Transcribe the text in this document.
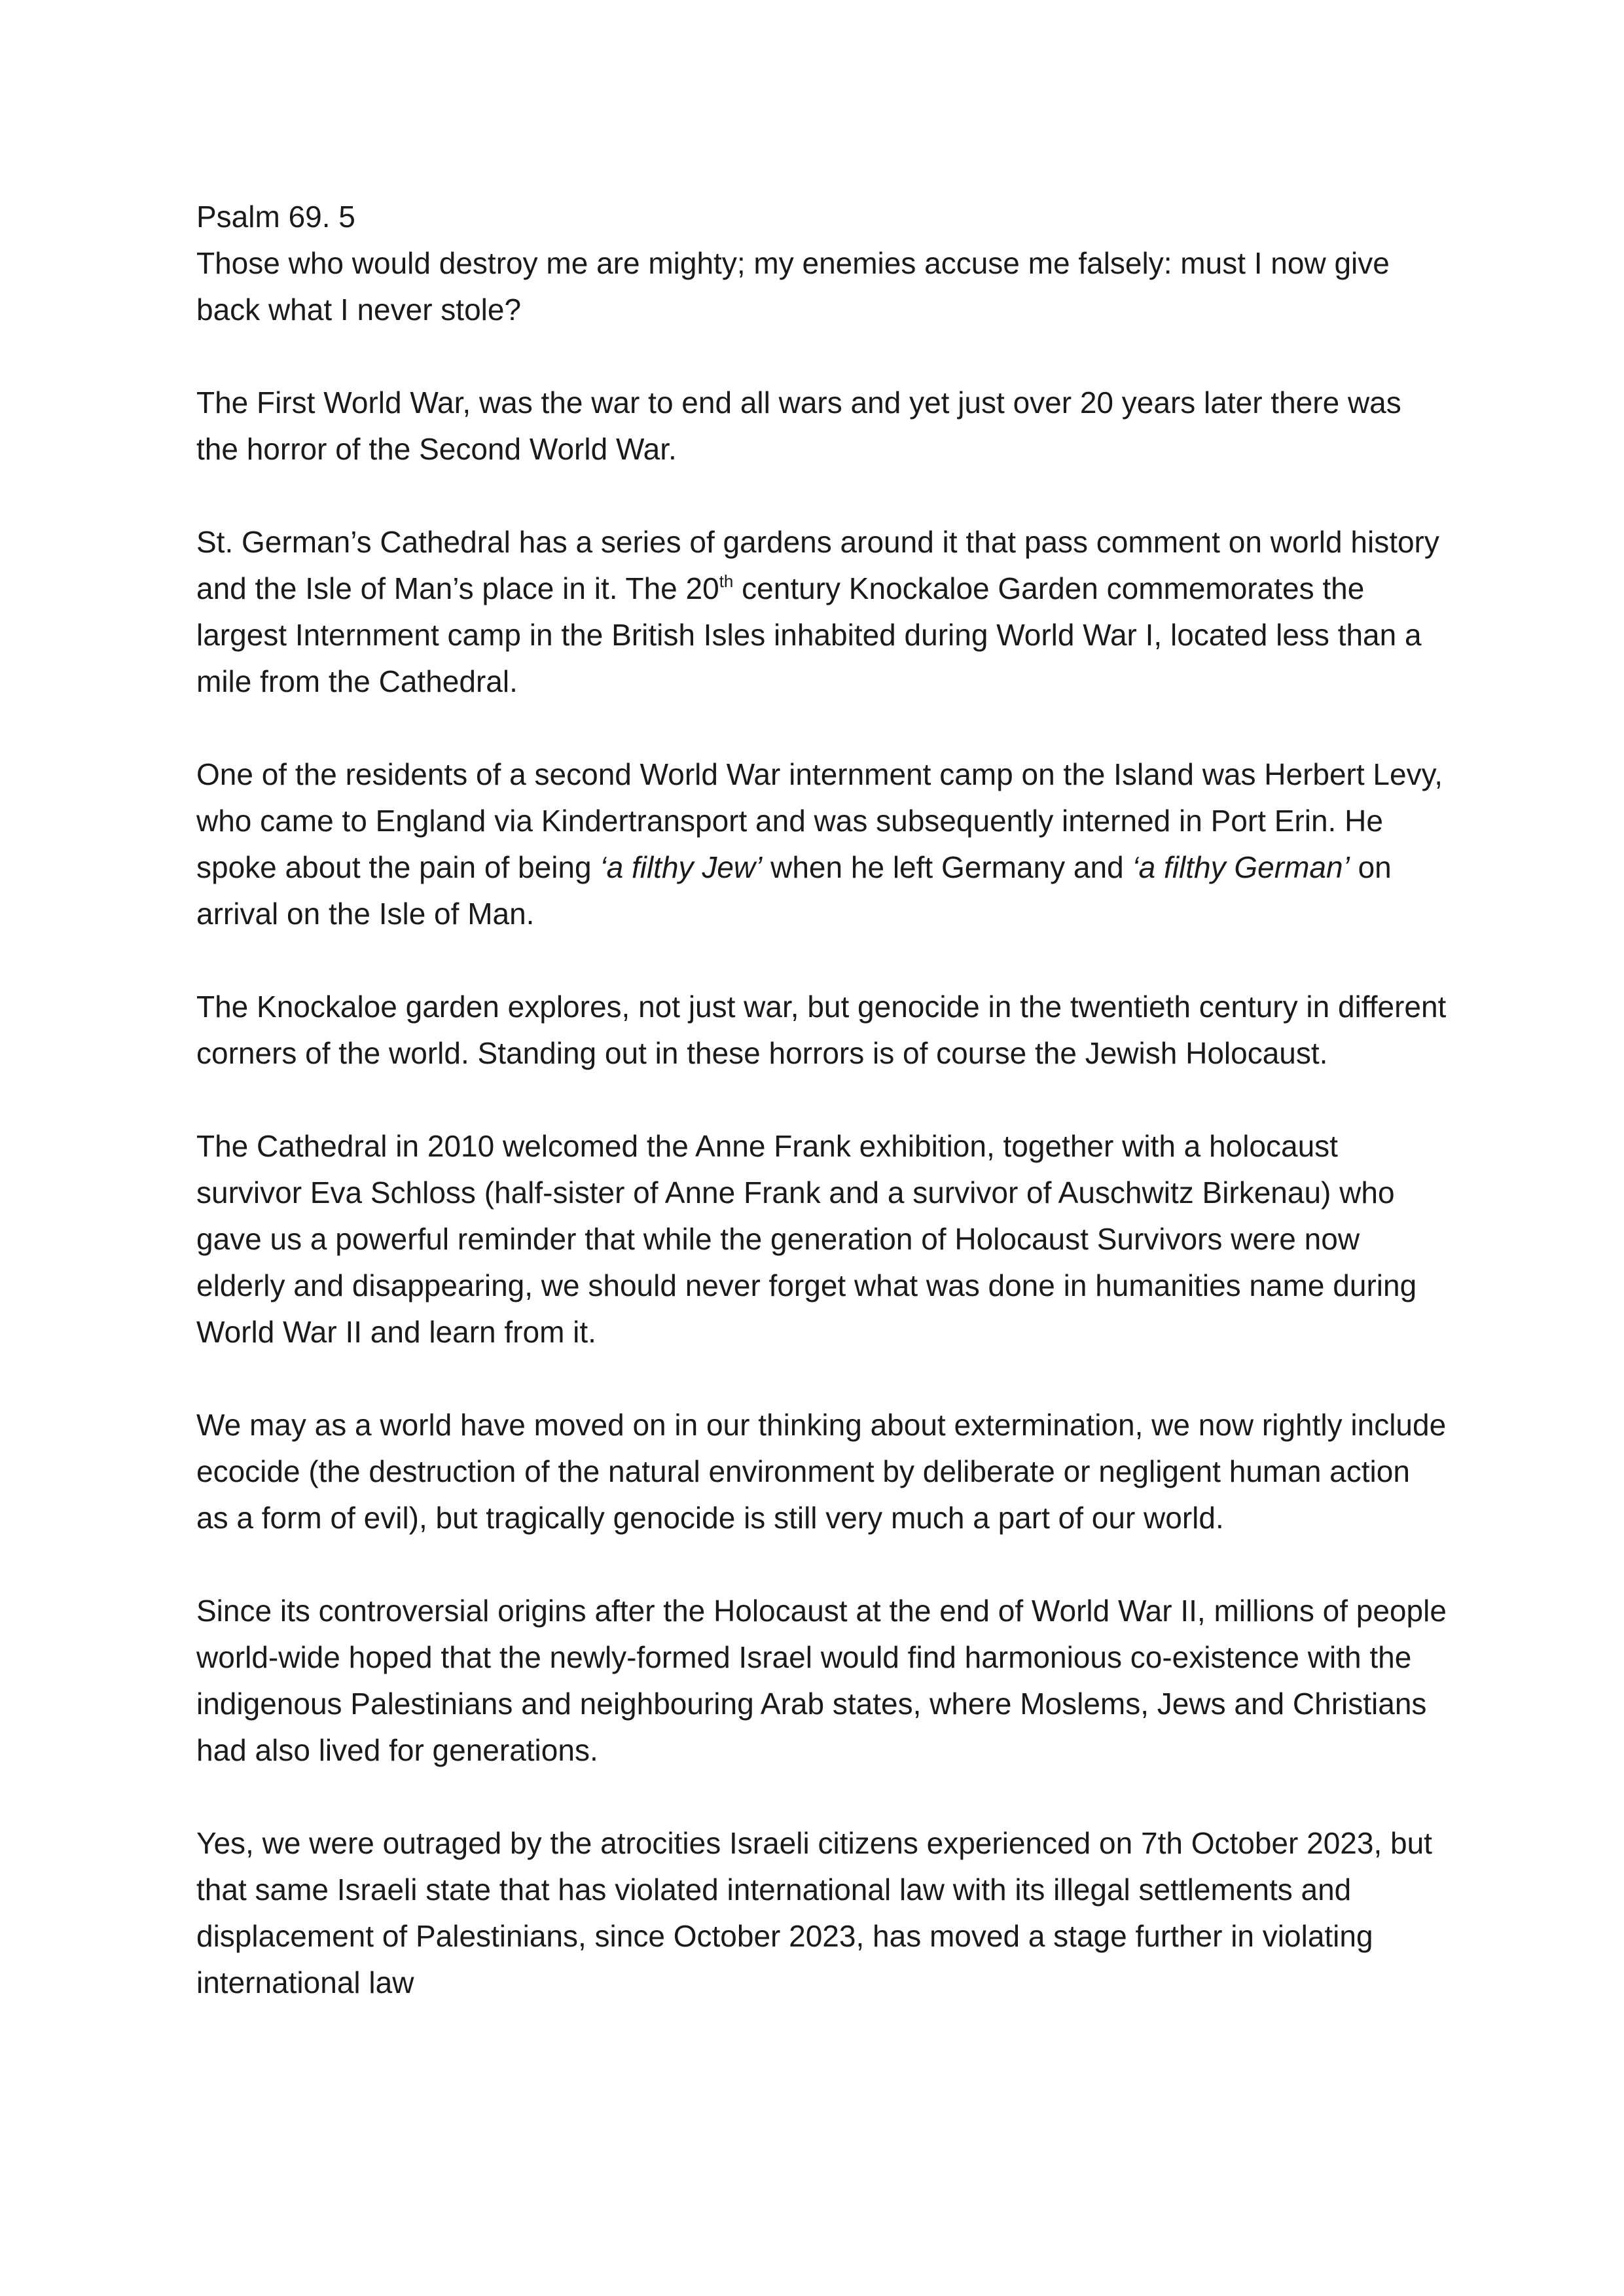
Psalm 69. 5
Those who would destroy me are mighty; my enemies accuse me falsely: must I now give back what I never stole?

The First World War, was the war to end all wars and yet just over 20 years later there was the horror of the Second World War.

St. German’s Cathedral has a series of gardens around it that pass comment on world history and the Isle of Man’s place in it. The 20th century Knockaloe Garden commemorates the largest Internment camp in the British Isles inhabited during World War I, located less than a mile from the Cathedral.

One of the residents of a second World War internment camp on the Island was Herbert Levy, who came to England via Kindertransport and was subsequently interned in Port Erin. He spoke about the pain of being ‘a filthy Jew’ when he left Germany and ‘a filthy German’ on arrival on the Isle of Man.

The Knockaloe garden explores, not just war, but genocide in the twentieth century in different corners of the world. Standing out in these horrors is of course the Jewish Holocaust.

The Cathedral in 2010 welcomed the Anne Frank exhibition, together with a holocaust survivor Eva Schloss (half-sister of Anne Frank and a survivor of Auschwitz Birkenau) who gave us a powerful reminder that while the generation of Holocaust Survivors were now elderly and disappearing, we should never forget what was done in humanities name during World War II and learn from it.

We may as a world have moved on in our thinking about extermination, we now rightly include ecocide (the destruction of the natural environment by deliberate or negligent human action as a form of evil), but tragically genocide is still very much a part of our world.

Since its controversial origins after the Holocaust at the end of World War II, millions of people world-wide hoped that the newly-formed Israel would find harmonious co-existence with the indigenous Palestinians and neighbouring Arab states, where Moslems, Jews and Christians had also lived for generations.

Yes, we were outraged by the atrocities Israeli citizens experienced on 7th October 2023, but that same Israeli state that has violated international law with its illegal settlements and displacement of Palestinians, since October 2023, has moved a stage further in violating international law
